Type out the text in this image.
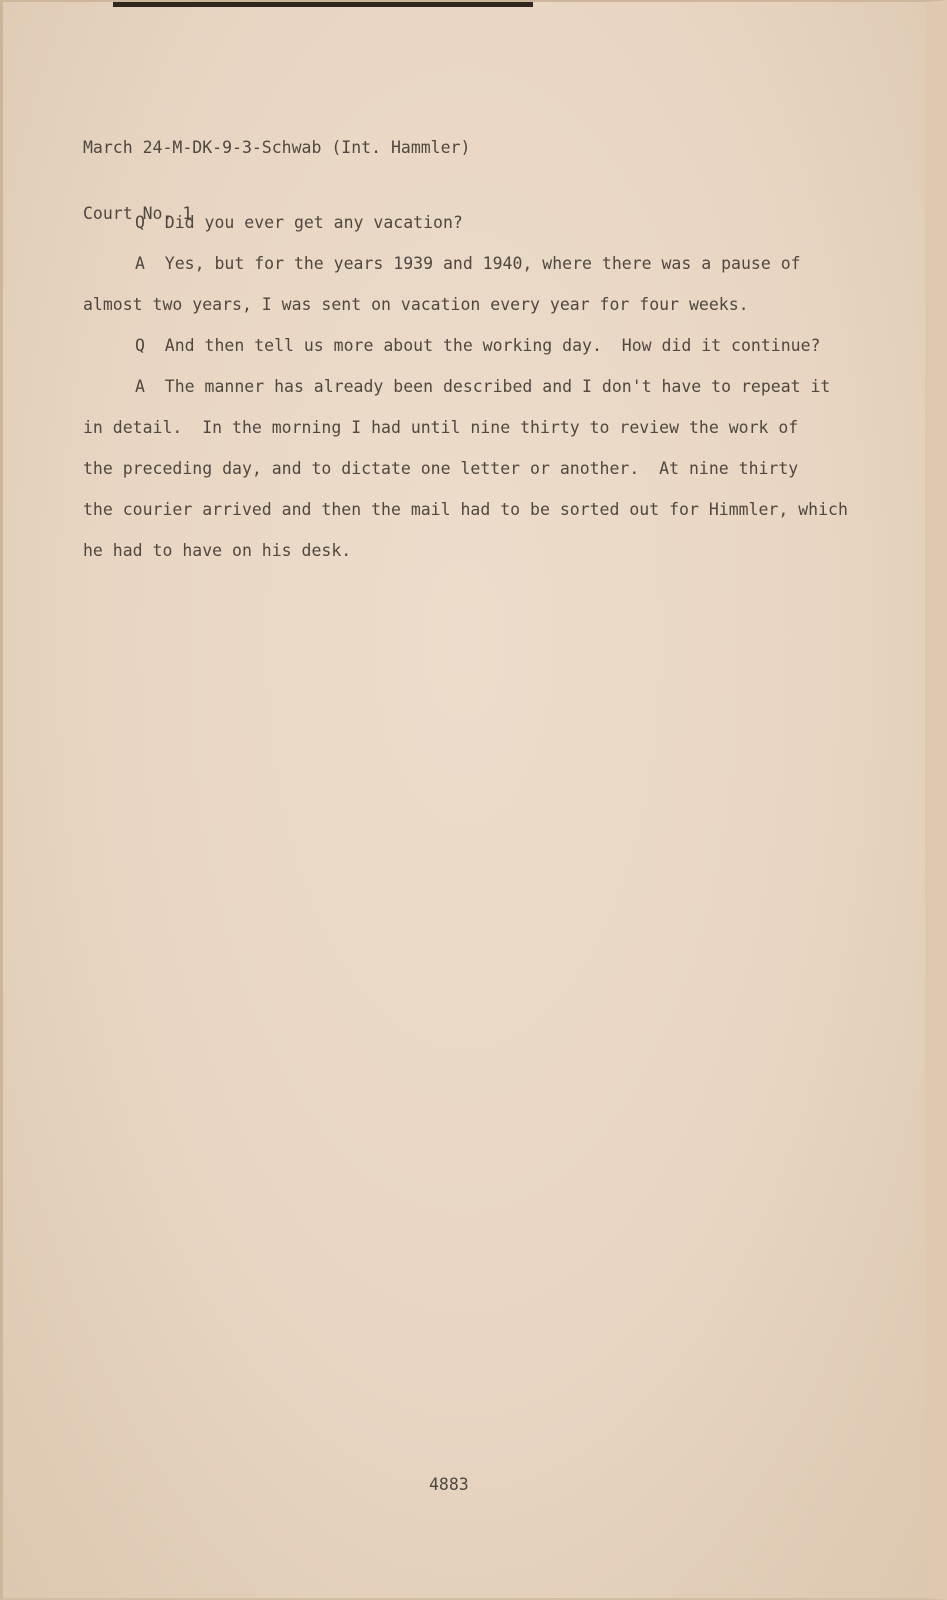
March 24-M-DK-9-3-Schwab (Int. Hammler)

Court No. 1

Q  Did you ever get any vacation?
A  Yes, but for the years 1939 and 1940, where there was a pause of
almost two years, I was sent on vacation every year for four weeks.
Q  And then tell us more about the working day.  How did it continue?
A  The manner has already been described and I don't have to repeat it
in detail.  In the morning I had until nine thirty to review the work of
the preceding day, and to dictate one letter or another.  At nine thirty
the courier arrived and then the mail had to be sorted out for Himmler, which
he had to have on his desk.
4883
